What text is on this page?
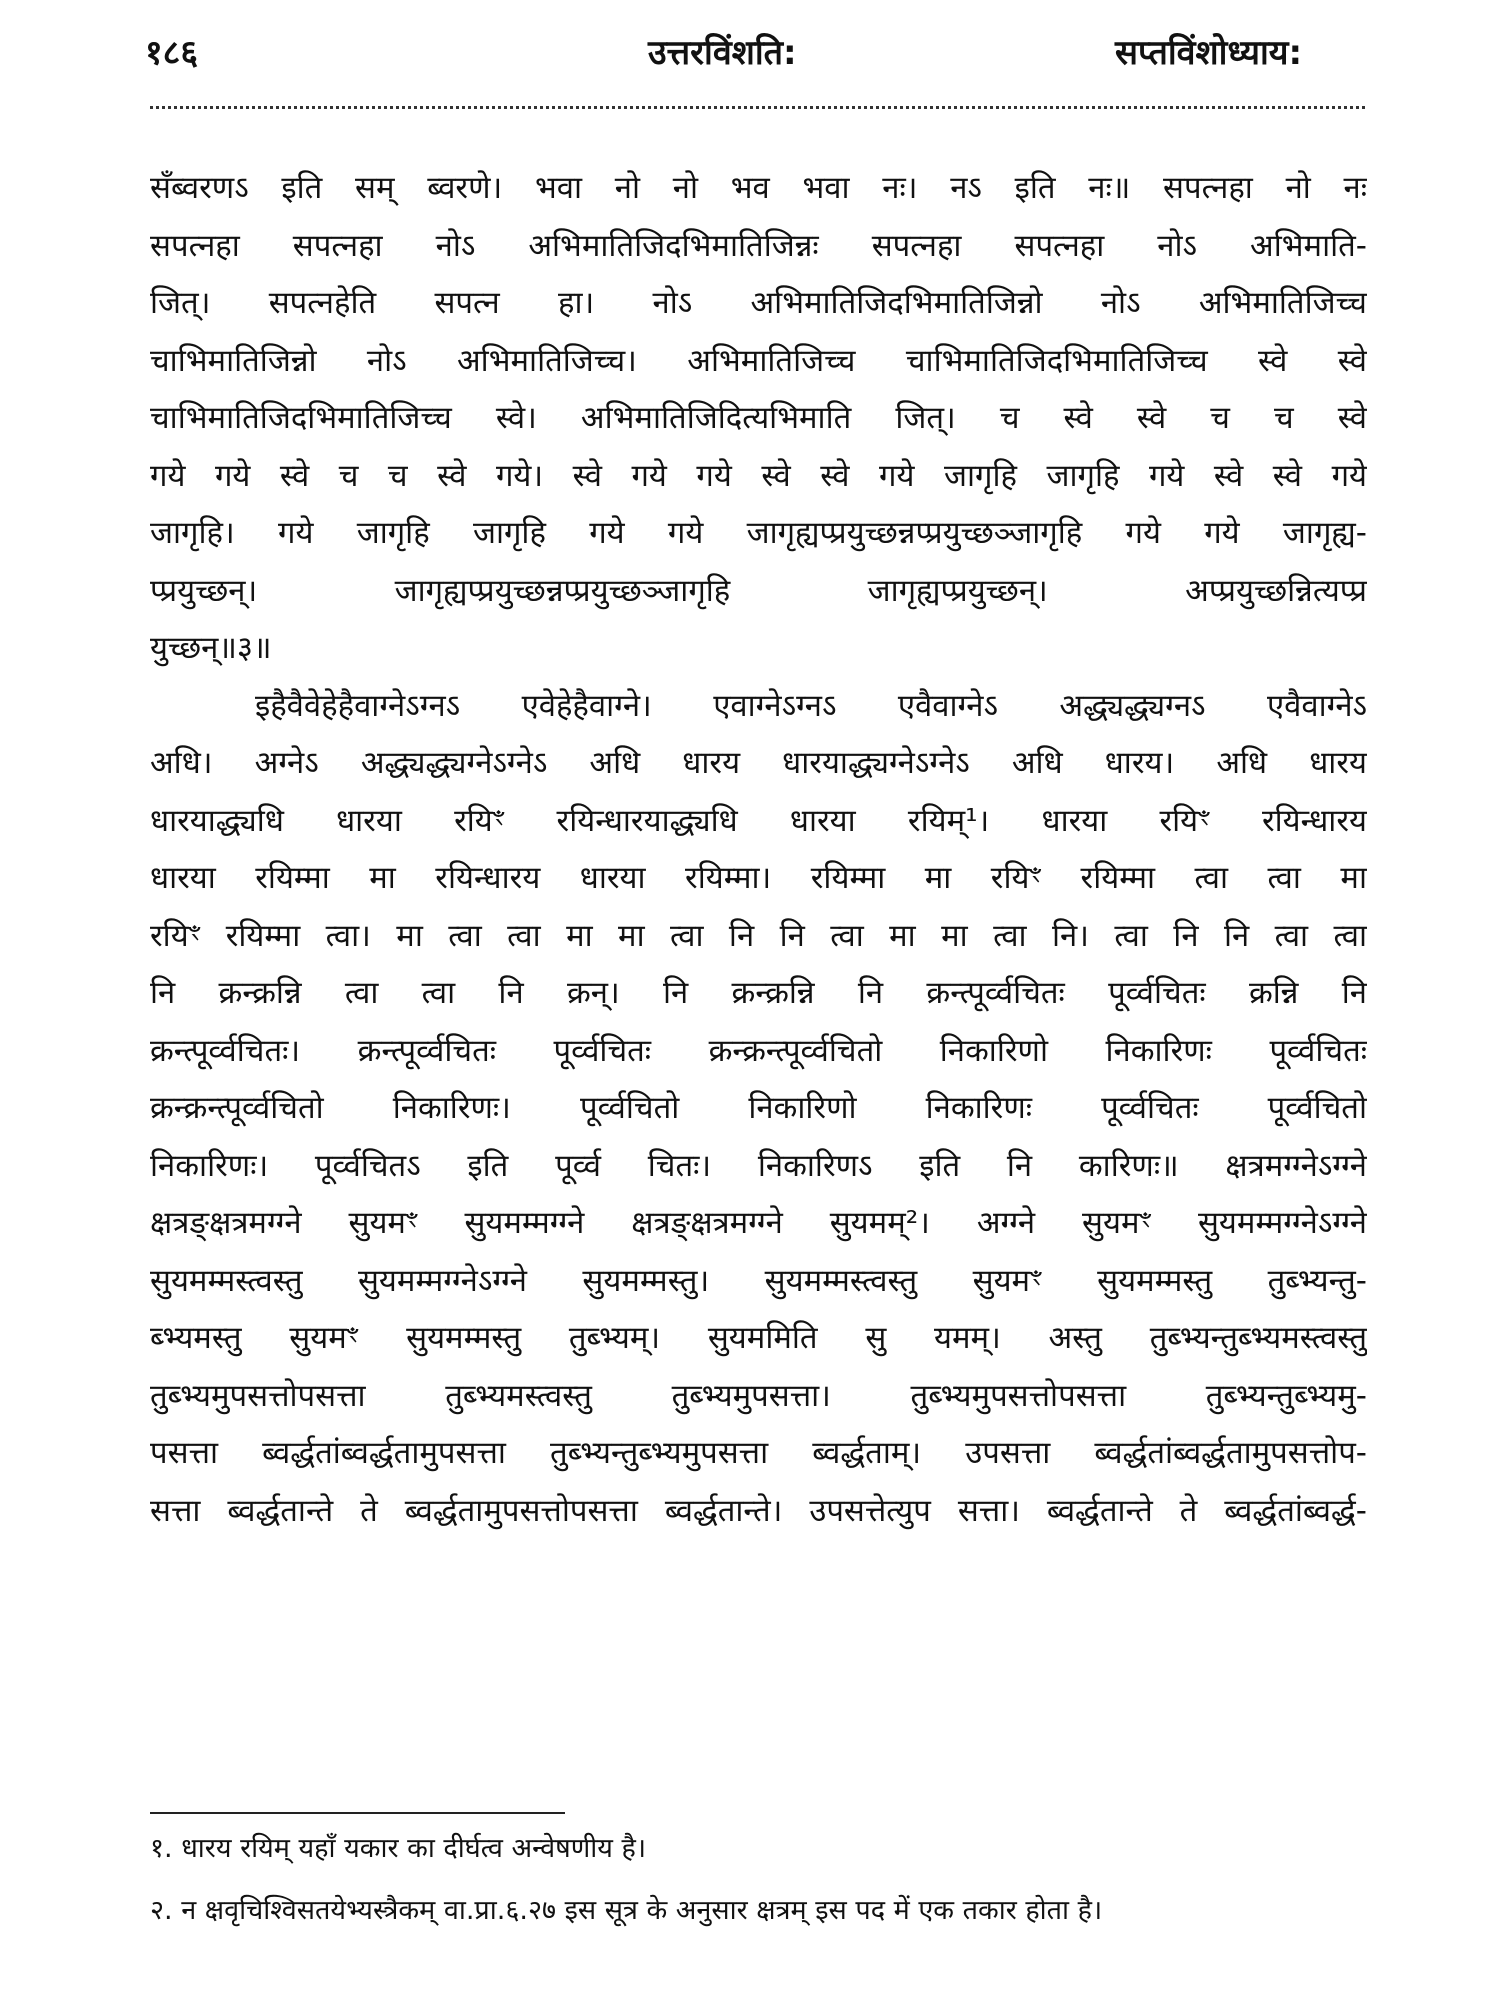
१८६	उत्तरविंशति:	सप्तविंशोध्याय:
सँब्वरणऽ इति सम् ब्वरणे। भवा नो नो भव भवा नः। नऽ इति नः॥ सपत्नहा नो नः
सपत्नहा सपत्नहा नोऽ अभिमातिजिदभिमातिजिन्नः सपत्नहा सपत्नहा नोऽ अभिमाति-
जित्। सपत्नहेति सपत्न हा। नोऽ अभिमातिजिदभिमातिजिन्नो नोऽ अभिमातिजिच्च
चाभिमातिजिन्नो नोऽ अभिमातिजिच्च। अभिमातिजिच्च चाभिमातिजिदभिमातिजिच्च स्वे स्वे
चाभिमातिजिदभिमातिजिच्च स्वे। अभिमातिजिदित्यभिमाति जित्। च स्वे स्वे च च स्वे
गये गये स्वे च च स्वे गये। स्वे गये गये स्वे स्वे गये जागृहि जागृहि गये स्वे स्वे गये
जागृहि। गये जागृहि जागृहि गये गये जागृह्यप्प्रयुच्छन्नप्प्रयुच्छञ्जागृहि गये गये जागृह्य-
प्प्रयुच्छन्। जागृह्यप्प्रयुच्छन्नप्प्रयुच्छञ्जागृहि जागृह्यप्प्रयुच्छन्। अप्प्रयुच्छन्नित्यप्प्र
युच्छन्॥३॥
इहैवैवेहेहैवाग्नेऽग्नऽ एवेहेहैवाग्ने। एवाग्नेऽग्नऽ एवैवाग्नेऽ अद्ध्यद्ध्यग्नऽ एवैवाग्नेऽ
अधि। अग्नेऽ अद्ध्यद्ध्यग्नेऽग्नेऽ अधि धारय धारयाद्ध्यग्नेऽग्नेऽ अधि धारय। अधि धारय
धारयाद्ध्यधि धारया रयिꣳ रयिन्धारयाद्ध्यधि धारया रयिम्¹। धारया रयिꣳ रयिन्धारय
धारया रयिम्मा मा रयिन्धारय धारया रयिम्मा। रयिम्मा मा रयिꣳ रयिम्मा त्वा त्वा मा
रयिꣳ रयिम्मा त्वा। मा त्वा त्वा मा मा त्वा नि नि त्वा मा मा त्वा नि। त्वा नि नि त्वा त्वा
नि क्रन्क्रन्नि त्वा त्वा नि क्रन्। नि क्रन्क्रन्नि नि क्रन्त्पूर्व्वचितः पूर्व्वचितः क्रन्नि नि
क्रन्त्पूर्व्वचितः। क्रन्त्पूर्व्वचितः पूर्व्वचितः क्रन्क्रन्त्पूर्व्वचितो निकारिणो निकारिणः पूर्व्वचितः
क्रन्क्रन्त्पूर्व्वचितो निकारिणः। पूर्व्वचितो निकारिणो निकारिणः पूर्व्वचितः पूर्व्वचितो
निकारिणः। पूर्व्वचितऽ इति पूर्व्व चितः। निकारिणऽ इति नि कारिणः॥ क्षत्रमग्ग्नेऽग्ग्ने
क्षत्रङ्क्षत्रमग्ग्ने सुयमꣳ सुयमम्मग्ग्ने क्षत्रङ्क्षत्रमग्ग्ने सुयमम्²। अग्ग्ने सुयमꣳ सुयमम्मग्ग्नेऽग्ग्ने
सुयमम्मस्त्वस्तु सुयमम्मग्ग्नेऽग्ग्ने सुयमम्मस्तु। सुयमम्मस्त्वस्तु सुयमꣳ सुयमम्मस्तु तुब्भ्यन्तु-
ब्भ्यमस्तु सुयमꣳ सुयमम्मस्तु तुब्भ्यम्। सुयममिति सु यमम्। अस्तु तुब्भ्यन्तुब्भ्यमस्त्वस्तु
तुब्भ्यमुपसत्तोपसत्ता तुब्भ्यमस्त्वस्तु तुब्भ्यमुपसत्ता। तुब्भ्यमुपसत्तोपसत्ता तुब्भ्यन्तुब्भ्यमु-
पसत्ता ब्वर्द्धतांब्वर्द्धतामुपसत्ता तुब्भ्यन्तुब्भ्यमुपसत्ता ब्वर्द्धताम्। उपसत्ता ब्वर्द्धतांब्वर्द्धतामुपसत्तोप-
सत्ता ब्वर्द्धतान्ते ते ब्वर्द्धतामुपसत्तोपसत्ता ब्वर्द्धतान्ते। उपसत्तेत्युप सत्ता। ब्वर्द्धतान्ते ते ब्वर्द्धतांब्वर्द्ध-
१. धारय रयिम् यहाँ यकार का दीर्घत्व अन्वेषणीय है।
२. न क्षवृचिश्विसतयेभ्यस्त्रैकम् वा.प्रा.६.२७ इस सूत्र के अनुसार क्षत्रम् इस पद में एक तकार होता है।
